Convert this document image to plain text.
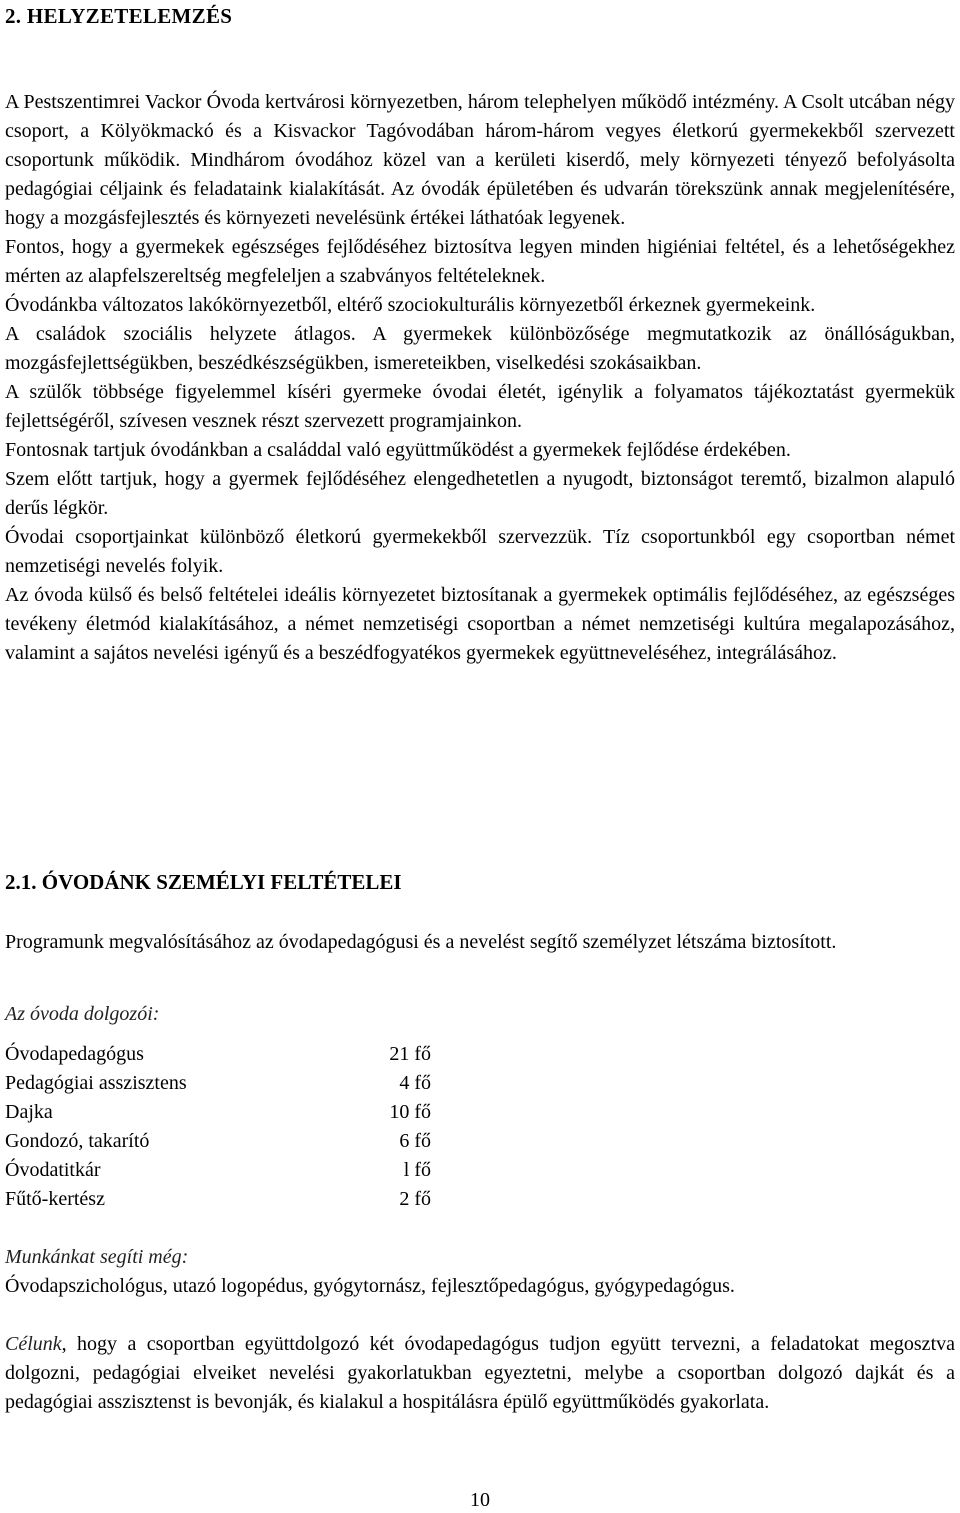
2. HELYZETELEMZÉS

A Pestszentimrei Vackor Óvoda kertvárosi környezetben, három telephelyen működő intézmény. A Csolt utcában négy csoport, a Kölyökmackó és a Kisvackor Tagóvodában három-három vegyes életkorú gyermekekből szervezett csoportunk működik. Mindhárom óvodához közel van a kerületi kiserdő, mely környezeti tényező befolyásolta pedagógiai céljaink és feladataink kialakítását. Az óvodák épületében és udvarán törekszünk annak megjelenítésére, hogy a mozgásfejlesztés és környezeti nevelésünk értékei láthatóak legyenek.

Fontos, hogy a gyermekek egészséges fejlődéséhez biztosítva legyen minden higiéniai feltétel, és a lehetőségekhez mérten az alapfelszereltség megfeleljen a szabványos feltételeknek.

Óvodánkba változatos lakókörnyezetből, eltérő szociokulturális környezetből érkeznek gyermekeink.

A családok szociális helyzete átlagos. A gyermekek különbözősége megmutatkozik az önállóságukban, mozgásfejlettségükben, beszédkészségükben, ismereteikben, viselkedési szokásaikban.

A szülők többsége figyelemmel kíséri gyermeke óvodai életét, igénylik a folyamatos tájékoztatást gyermekük fejlettségéről, szívesen vesznek részt szervezett programjainkon.

Fontosnak tartjuk óvodánkban a családdal való együttműködést a gyermekek fejlődése érdekében.

Szem előtt tartjuk, hogy a gyermek fejlődéséhez elengedhetetlen a nyugodt, biztonságot teremtő, bizalmon alapuló derűs légkör.

Óvodai csoportjainkat különböző életkorú gyermekekből szervezzük. Tíz csoportunkból egy csoportban német nemzetiségi nevelés folyik.

Az óvoda külső és belső feltételei ideális környezetet biztosítanak a gyermekek optimális fejlődéséhez, az egészséges tevékeny életmód kialakításához, a német nemzetiségi csoportban a német nemzetiségi kultúra megalapozásához, valamint a sajátos nevelési igényű és a beszédfogyatékos gyermekek együttneveléséhez, integrálásához.

2.1. ÓVODÁNK SZEMÉLYI FELTÉTELEI

Programunk megvalósításához az óvodapedagógusi és a nevelést segítő személyzet létszáma biztosított.

Az óvoda dolgozói:

Óvodapedagógus	21 fő
Pedagógiai asszisztens	4 fő
Dajka	10 fő
Gondozó, takarító	6 fő
Óvodatitkár	l fő
Fűtő-kertész	2 fő

Munkánkat segíti még:

Óvodapszichológus, utazó logopédus, gyógytornász, fejlesztőpedagógus, gyógypedagógus.

Célunk, hogy a csoportban együttdolgozó két óvodapedagógus tudjon együtt tervezni, a feladatokat megosztva dolgozni, pedagógiai elveiket nevelési gyakorlatukban egyeztetni, melybe a csoportban dolgozó dajkát és a pedagógiai asszisztenst is bevonják, és kialakul a hospitálásra épülő együttműködés gyakorlata.

10
